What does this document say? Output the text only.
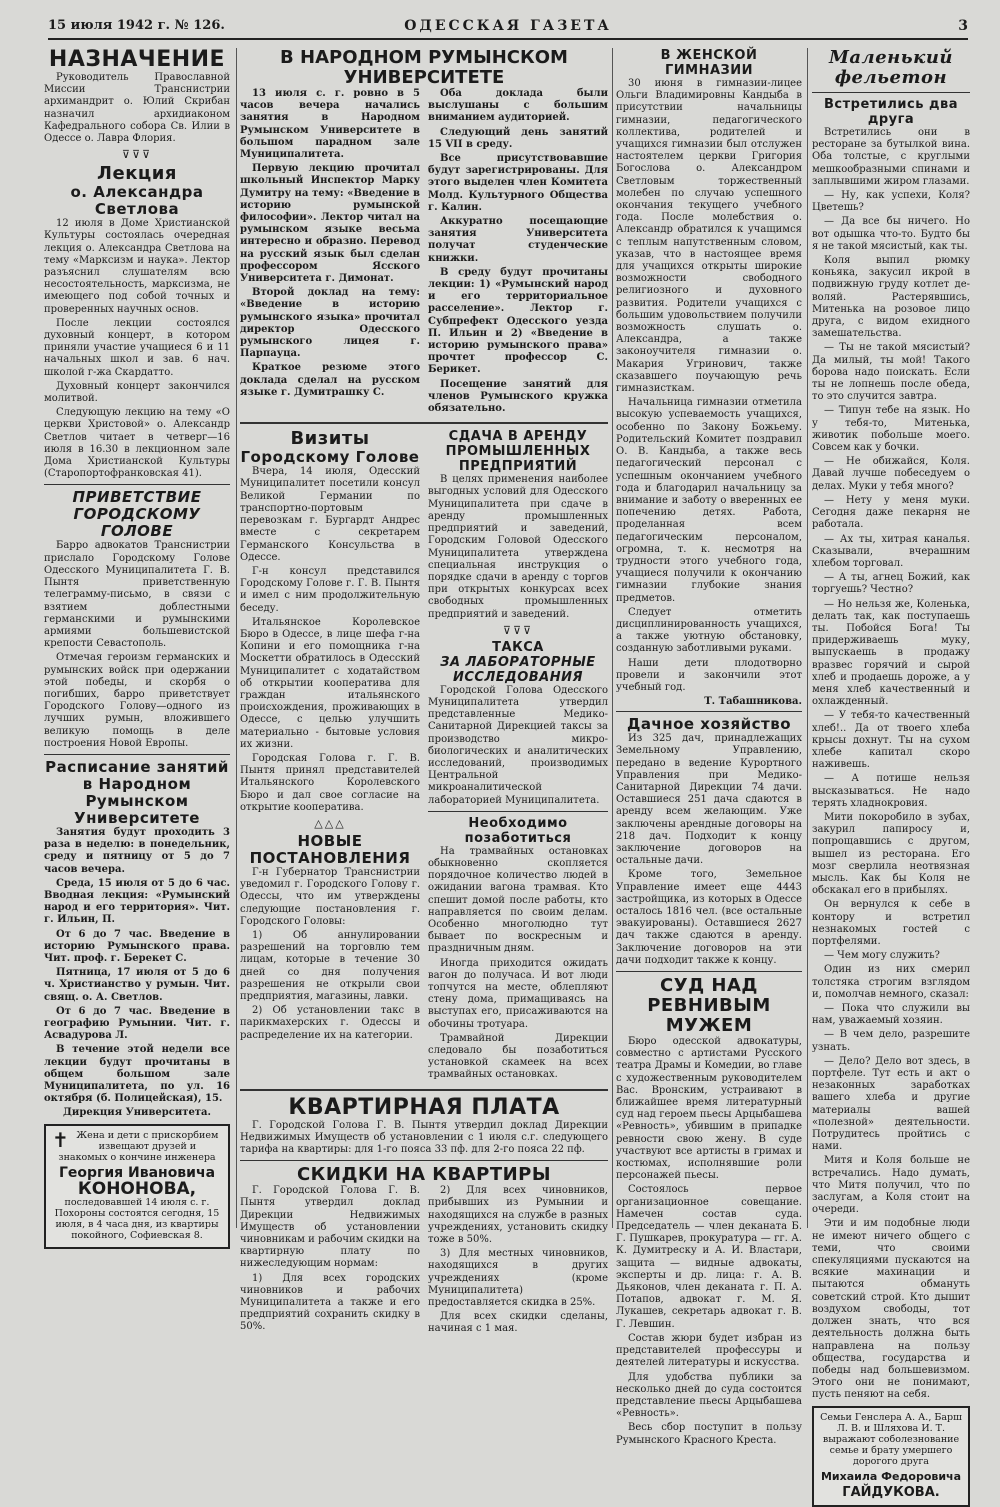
15 июля 1942 г. № 126.	ОДЕССКАЯ ГАЗЕТА	3
НАЗНАЧЕНИЕ

Руководитель Православной Миссии Транснистрии архимандрит о. Юлий Скрибан назначил архидиаконом Кафедрального собора Св. Илии в Одессе о. Лавра Флория.

⊽⊽⊽
Лекция
о. Александра Светлова

12 июля в Доме Христианской Культуры состоялась очередная лекция о. Александра Светлова на тему «Марксизм и наука». Лектор разъяснил слушателям всю несостоятельность, марксизма, не имеющего под собой точных и проверенных научных основ.

После лекции состоялся духовный концерт, в котором приняли участие учащиеся 6 и 11 начальных школ и зав. 6 нач. школой г-жа Скардатто.

Духовный концерт закончился молитвой.

Следующую лекцию на тему «О церкви Христовой» о. Александр Светлов читает в четверг—16 июля в 16.30 в лекционном зале Дома Христианской Культуры (Старопортофранковская 41).

ПРИВЕТСТВИЕ ГОРОДСКОМУ ГОЛОВЕ

Барро адвокатов Транснистрии прислало Городскому Голове Одесского Муниципалитета Г. В. Пынтя приветственную телеграмму-письмо, в связи с взятием доблестными германскими и румынскими армиями большевистской крепости Севастополь.

Отмечая героизм германских и румынских войск при одержании этой победы, и скорбя о погибших, барро приветствует Городского Голову—одного из лучших румын, вложившего великую помощь в деле построения Новой Европы.

Расписание занятий в Народном Румынском Университете

Занятия будут проходить 3 раза в неделю: в понедельник, среду и пятницу от 5 до 7 часов вечера.

Среда, 15 июля от 5 до 6 час. Вводная лекция: «Румынский народ и его территория». Чит. г. Ильин, П.

От 6 до 7 час. Введение в историю Румынского права. Чит. проф. г. Берекет С.

Пятница, 17 июля от 5 до 6 ч. Христианство у румын. Чит. свящ. о. А. Светлов.

От 6 до 7 час. Введение в географию Румынии. Чит. г. Асвадурова Л.

В течение этой недели все лекции будут прочитаны в общем большом зале Муниципалитета, по ул. 16 октября (б. Полицейская), 15.

Дирекция Университета.

✝ Жена и дети с прискорбием извещают друзей и знакомых о кончине инженера

Георгия Ивановича
КОНОНОВА,

последовавшей 14 июля с. г. Похороны состоятся сегодня, 15 июля, в 4 часа дня, из квартиры покойного, Софиевская 8.

В НАРОДНОМ РУМЫНСКОМ УНИВЕРСИТЕТЕ

13 июля с. г. ровно в 5 часов вечера начались занятия в Народном Румынском Университете в большом парадном зале Муниципалитета.

Первую лекцию прочитал школьный Инспектор Марку Думитру на тему: «Введение в историю румынской философии». Лектор читал на румынском языке весьма интересно и образно. Перевод на русский язык был сделан профессором Ясского Университета г. Димонат.

Второй доклад на тему: «Введение в историю румынского языка» прочитал директор Одесского румынского лицея г. Парпауца.

Краткое резюме этого доклада сделал на русском языке г. Думитрашку С.

Оба доклада были выслушаны с большим вниманием аудиторией.

Следующий день занятий 15 VII в среду.

Все присутствовавшие будут зарегистрированы. Для этого выделен член Комитета Молд. Культурного Общества г. Калин.

Аккуратно посещающие занятия Университета получат студенческие книжки.

В среду будут прочитаны лекции: 1) «Румынский народ и его территориальное расселение». Лектор г. Субпрефект Одесского уезда П. Ильин и 2) «Введение в историю румынского права» прочтет профессор С. Берикет.

Посещение занятий для членов Румынского кружка обязательно.

Визиты
Городскому Голове

Вчера, 14 июля, Одесский Муниципалитет посетили консул Великой Германии по транспортно-портовым перевозкам г. Бургардт Андрес вместе с секретарем Германского Консульства в Одессе.

Г-н консул представился Городскому Голове г. Г. В. Пынтя и имел с ним продолжительную беседу.

Итальянское Королевское Бюро в Одессе, в лице шефа г-на Копини и его помощника г-на Москетти обратилось в Одесский Муниципалитет с ходатайством об открытии кооператива для граждан итальянского происхождения, проживающих в Одессе, с целью улучшить материально - бытовые условия их жизни.

Городская Голова г. Г. В. Пынтя принял представителей Итальянского Королевского Бюро и дал свое согласие на открытие кооператива.

△△△
НОВЫЕ
ПОСТАНОВЛЕНИЯ

Г-н Губернатор Транснистрии уведомил г. Городского Голову г. Одессы, что им утверждены следующие постановления г. Городского Головы:

1) Об аннулировании разрешений на торговлю тем лицам, которые в течение 30 дней со дня получения разрешения не открыли свои предприятия, магазины, лавки.

2) Об установлении такс в парикмахерских г. Одессы и распределение их на категории.

СДАЧА В АРЕНДУ ПРОМЫШЛЕННЫХ ПРЕДПРИЯТИЙ

В целях применения наиболее выгодных условий для Одесского Муниципалитета при сдаче в аренду промышленных предприятий и заведений, Городским Головой Одесского Муниципалитета утверждена специальная инструкция о порядке сдачи в аренду с торгов при открытых конкурсах всех свободных промышленных предприятий и заведений.

⊽⊽⊽
ТАКСА
ЗА ЛАБОРАТОРНЫЕ ИССЛЕДОВАНИЯ

Городской Голова Одесского Муниципалитета утвердил представленные Медико-Санитарной Дирекцией таксы за производство микро-биологических и аналитических исследований, производимых Центральной микроаналитической лабораторией Муниципалитета.

Необходимо позаботиться

На трамвайных остановках обыкновенно скопляется порядочное количество людей в ожидании вагона трамвая. Кто спешит домой после работы, кто направляется по своим делам. Особенно многолюдно тут бывает по воскресным и праздничным дням.

Иногда приходится ожидать вагон до получаса. И вот люди топчутся на месте, облепляют стену дома, примащиваясь на выступах его, присаживаются на обочины тротуара.

Трамвайной Дирекции следовало бы позаботиться установкой скамеек на всех трамвайных остановках.

КВАРТИРНАЯ ПЛАТА

Г. Городской Голова Г. В. Пынтя утвердил доклад Дирекции Недвижимых Имуществ об установлении с 1 июля с.г. следующего тарифа на квартиры: для 1-го пояса 33 пф. для 2-го пояса 22 пф.

СКИДКИ НА КВАРТИРЫ

Г. Городской Голова Г. В. Пынтя утвердил доклад Дирекции Недвижимых Имуществ об установлении чиновникам и рабочим скидки на квартирную плату по нижеследующим нормам:

1) Для всех городских чиновников и рабочих Муниципалитета а также и его предприятий сохранить скидку в 50%.

2) Для всех чиновников, прибывших из Румынии и находящихся на службе в разных учреждениях, установить скидку тоже в 50%.

3) Для местных чиновников, находящихся в других учреждениях (кроме Муниципалитета) предоставляется скидка в 25%.

Для всех скидки сделаны, начиная с 1 мая.

В ЖЕНСКОЙ ГИМНАЗИИ

30 июня в гимназии-лицее Ольги Владимировны Кандыба в присутствии начальницы гимназии, педагогического коллектива, родителей и учащихся гимназии был отслужен настоятелем церкви Григория Богослова о. Александром Светловым торжественный молебен по случаю успешного окончания текущего учебного года. После молебствия о. Александр обратился к учащимся с теплым напутственным словом, указав, что в настоящее время для учащихся открыты широкие возможности свободного религиозного и духовного развития. Родители учащихся с большим удовольствием получили возможность слушать о. Александра, а также законоучителя гимназии о. Макария Угринович, также сказавшего поучающую речь гимназисткам.

Начальница гимназии отметила высокую успеваемость учащихся, особенно по Закону Божьему. Родительский Комитет поздравил О. В. Кандыба, а также весь педагогический персонал с успешным окончанием учебного года и благодарил начальницу за внимание и заботу о вверенных ее попечению детях. Работа, проделанная всем педагогическим персоналом, огромна, т. к. несмотря на трудности этого учебного года, учащиеся получили к окончанию гимназии глубокие знания предметов.

Следует отметить дисциплинированность учащихся, а также уютную обстановку, созданную заботливыми руками.

Наши дети плодотворно провели и закончили этот учебный год.

Т. Табашникова.

Дачное хозяйство

Из 325 дач, принадлежащих Земельному Управлению, передано в ведение Курортного Управления при Медико-Санитарной Дирекции 74 дачи. Оставшиеся 251 дача сдаются в аренду всем желающим. Уже заключены арендные договоры на 218 дач. Подходит к концу заключение договоров на остальные дачи.

Кроме того, Земельное Управление имеет еще 4443 застройщика, из которых в Одессе осталось 1816 чел. (все остальные эвакуированы). Оставшиеся 2627 дач также сдаются в аренду. Заключение договоров на эти дачи подходит также к концу.

СУД НАД РЕВНИВЫМ МУЖЕМ

Бюро одесской адвокатуры, совместно с артистами Русского театра Драмы и Комедии, во главе с художественным руководителем Вас. Вронским, устраивают в ближайшее время литературный суд над героем пьесы Арцыбашева «Ревность», убившим в припадке ревности свою жену. В суде участвуют все артисты в гримах и костюмах, исполнявшие роли персонажей пьесы.

Состоялось первое организационное совещание. Намечен состав суда. Председатель — член деканата Б. Г. Пушкарев, прокуратура — гг. А. К. Думитреску и А. И. Властари, защита — видные адвокаты, эксперты и др. лица: г. А. В. Дьяконов, член деканата г. П. А. Потапов, адвокат г. М. Я. Лукашев, секретарь адвокат г. В. Г. Левшин.

Состав жюри будет избран из представителей профессуры и деятелей литературы и искусства.

Для удобства публики за несколько дней до суда состоится представление пьесы Арцыбашева «Ревность».

Весь сбор поступит в пользу Румынского Красного Креста.

Маленький
фельетон
Встретились два друга

Встретились они в ресторане за бутылкой вина. Оба толстые, с круглыми мешкообразными спинами и заплывшими жиром глазами.

— Ну, как успехи, Коля? Цветешь?

— Да все бы ничего. Но вот одышка что-то. Будто бы я не такой мясистый, как ты.

Коля выпил рюмку коньяка, закусил икрой в подвижную груду котлет де-воляй. Растерявшись, Митенька на розовое лицо друга, с видом ехидного замешательства.

— Ты не такой мясистый? Да милый, ты мой! Такого борова надо поискать. Если ты не лопнешь после обеда, то это случится завтра.

— Типун тебе на язык. Но у тебя-то, Митенька, животик побольше моего. Совсем как у бочки.

— Не обижайся, Коля. Давай лучше побеседуем о делах. Муки у тебя много?

— Нету у меня муки. Сегодня даже пекарня не работала.

— Ах ты, хитрая каналья. Сказывали, вчерашним хлебом торговал.

— А ты, агнец Божий, как торгуешь? Честно?

— Но нельзя же, Коленька, делать так, как поступаешь ты. Побойся Бога! Ты придерживаешь муку, выпускаешь в продажу вразвес горячий и сырой хлеб и продаешь дороже, а у меня хлеб качественный и охлажденный.

— У тебя-то качественный хлеб!.. Да от твоего хлеба крысы дохнут. Ты на сухом хлебе капитал скоро наживешь.

— А потише нельзя высказываться. Не надо терять хладнокровия.

Мити покоробило в зубах, закурил папиросу и, попрощавшись с другом, вышел из ресторана. Его мозг сверлила неотвязная мысль. Как бы Коля не обскакал его в прибылях.

Он вернулся к себе в контору и встретил незнакомых гостей с портфелями.

— Чем могу служить?

Один из них смерил толстяка строгим взглядом и, помолчав немного, сказал:

— Пока что служили вы нам, уважаемый хозяин.

— В чем дело, разрешите узнать.

— Дело? Дело вот здесь, в портфеле. Тут есть и акт о незаконных заработках вашего хлеба и другие материалы вашей «полезной» деятельности. Потрудитесь пройтись с нами.

Митя и Коля больше не встречались. Надо думать, что Митя получил, что по заслугам, а Коля стоит на очереди.

Эти и им подобные люди не имеют ничего общего с теми, что своими спекуляциями пускаются на всякие махинации и пытаются обмануть советский строй. Кто дышит воздухом свободы, тот должен знать, что вся деятельность должна быть направлена на пользу общества, государства и победы над большевизмом. Этого они не понимают, пусть пеняют на себя.

Семьи Генслера А. А., Барш Л. В. и Шляхова И. Т. выражают соболезнование семье и брату умершего дорогого друга

Михаила Федоровича
ГАЙДУКОВА.
